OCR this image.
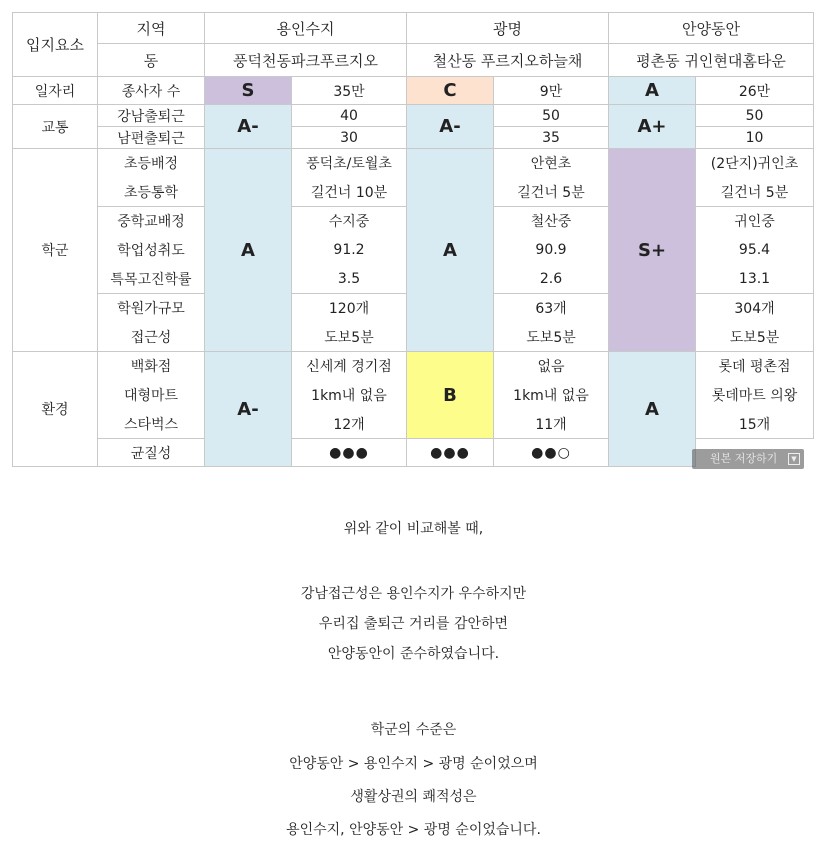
입지요소	지역	용인수지		광명		안양동안	
	동	풍덕천동파크푸르지오		철산동 푸르지오하늘채		평촌동 귀인현대홈타운	
일자리	종사자 수	S	35만	C	9만	A	26만
교통	강남출퇴근	A-	40	A-	50	A+	50
	남편출퇴근		30		35		10
학군	초등배정	A	풍덕초/토월초	A	안현초	S+	(2단지)귀인초
	초등통학		길건너 10분		길건너 5분		길건너 5분
	중학교배정		수지중		철산중		귀인중
	학업성취도		91.2		90.9		95.4
	특목고진학률		3.5		2.6		13.1
	학원가규모		120개		63개		304개
	접근성		도보5분		도보5분		도보5분
환경	백화점	A-	신세계 경기점	B	없음	A	롯데 평촌점
	대형마트		1km내 없음		1km내 없음		롯데마트 의왕
	스타벅스		12개		11개		15개
	균질성		●●●	●●●	●●○			원본 저장하기	▼
위와 같이 비교해볼 때,
강남접근성은 용인수지가 우수하지만
우리집 출퇴근 거리를 감안하면
안양동안이 준수하였습니다.
학군의 수준은
안양동안 > 용인수지 > 광명 순이었으며
생활상권의 쾌적성은
용인수지, 안양동안 > 광명 순이었습니다.
